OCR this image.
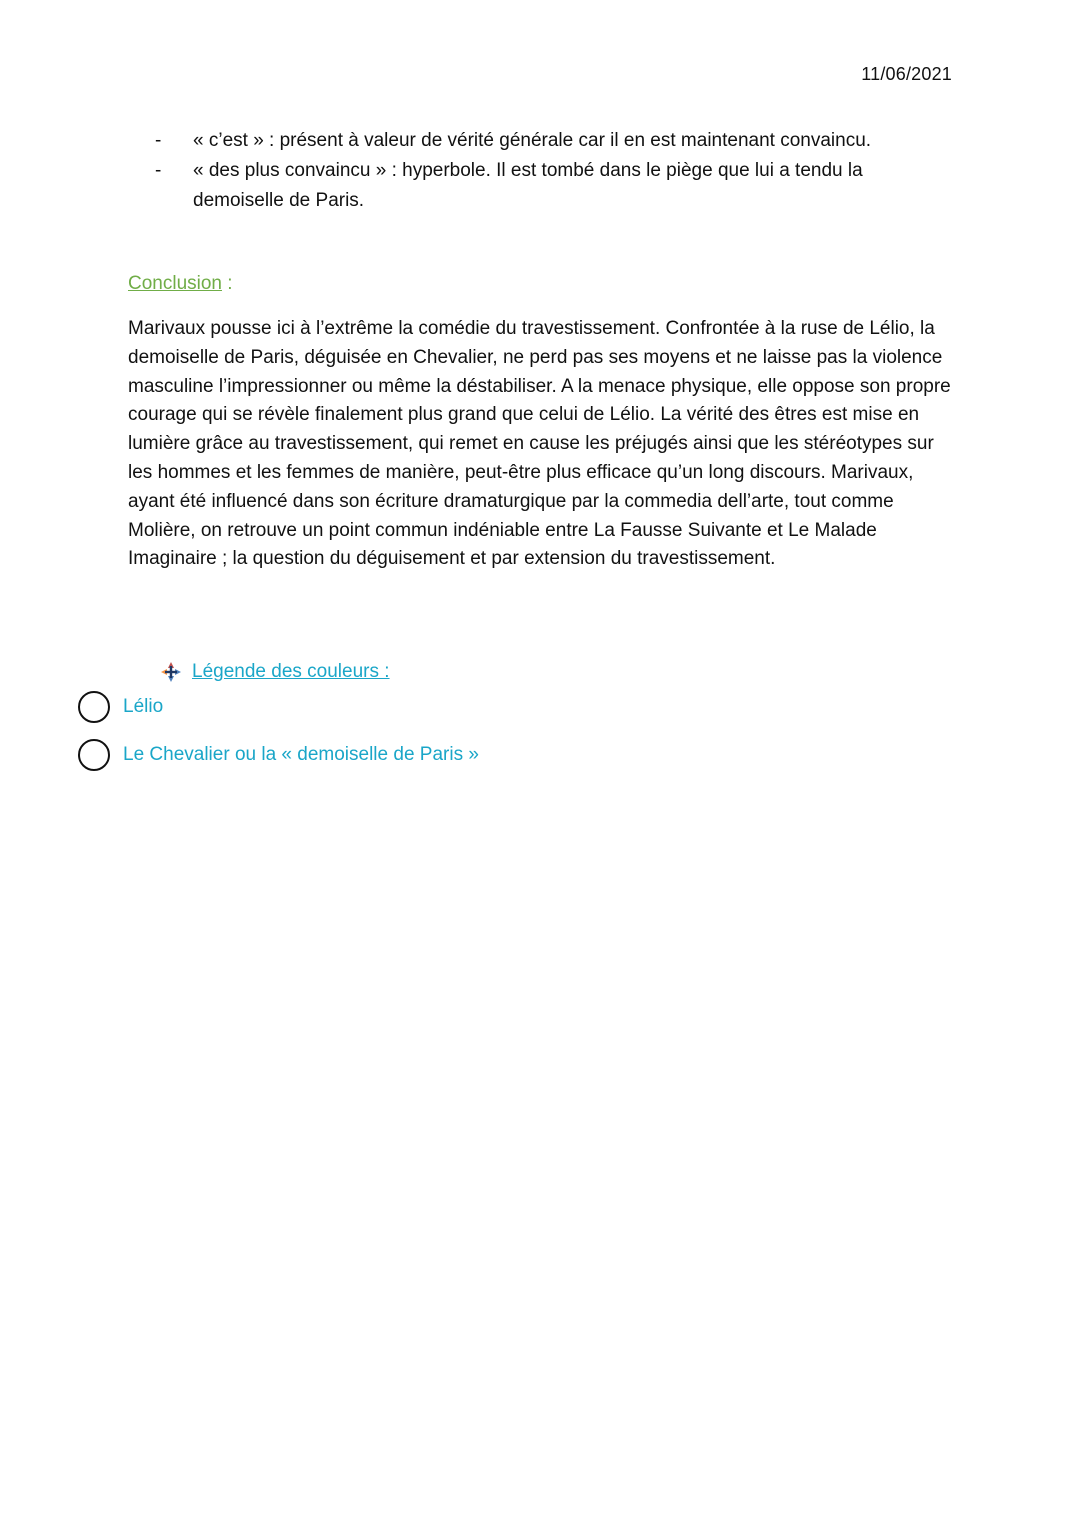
11/06/2021
-	« c’est » : présent à valeur de vérité générale car il en est maintenant convaincu.
-	« des plus convaincu » : hyperbole. Il est tombé dans le piège que lui a tendu la demoiselle de Paris.
Conclusion :
Marivaux pousse ici à l’extrême la comédie du travestissement. Confrontée à la ruse de Lélio, la demoiselle de Paris, déguisée en Chevalier, ne perd pas ses moyens et ne laisse pas la violence masculine l’impressionner ou même la déstabiliser. A la menace physique, elle oppose son propre courage qui se révèle finalement plus grand que celui de Lélio. La vérité des êtres est mise en lumière grâce au travestissement, qui remet en cause les préjugés ainsi que les stéréotypes sur les hommes et les femmes de manière, peut-être plus efficace qu’un long discours. Marivaux, ayant été influencé dans son écriture dramaturgique par la commedia dell’arte, tout comme Molière, on retrouve un point commun indéniable entre La Fausse Suivante et Le Malade Imaginaire ; la question du déguisement et par extension du travestissement.
Légende des couleurs :
Lélio
Le Chevalier ou la « demoiselle de Paris »
